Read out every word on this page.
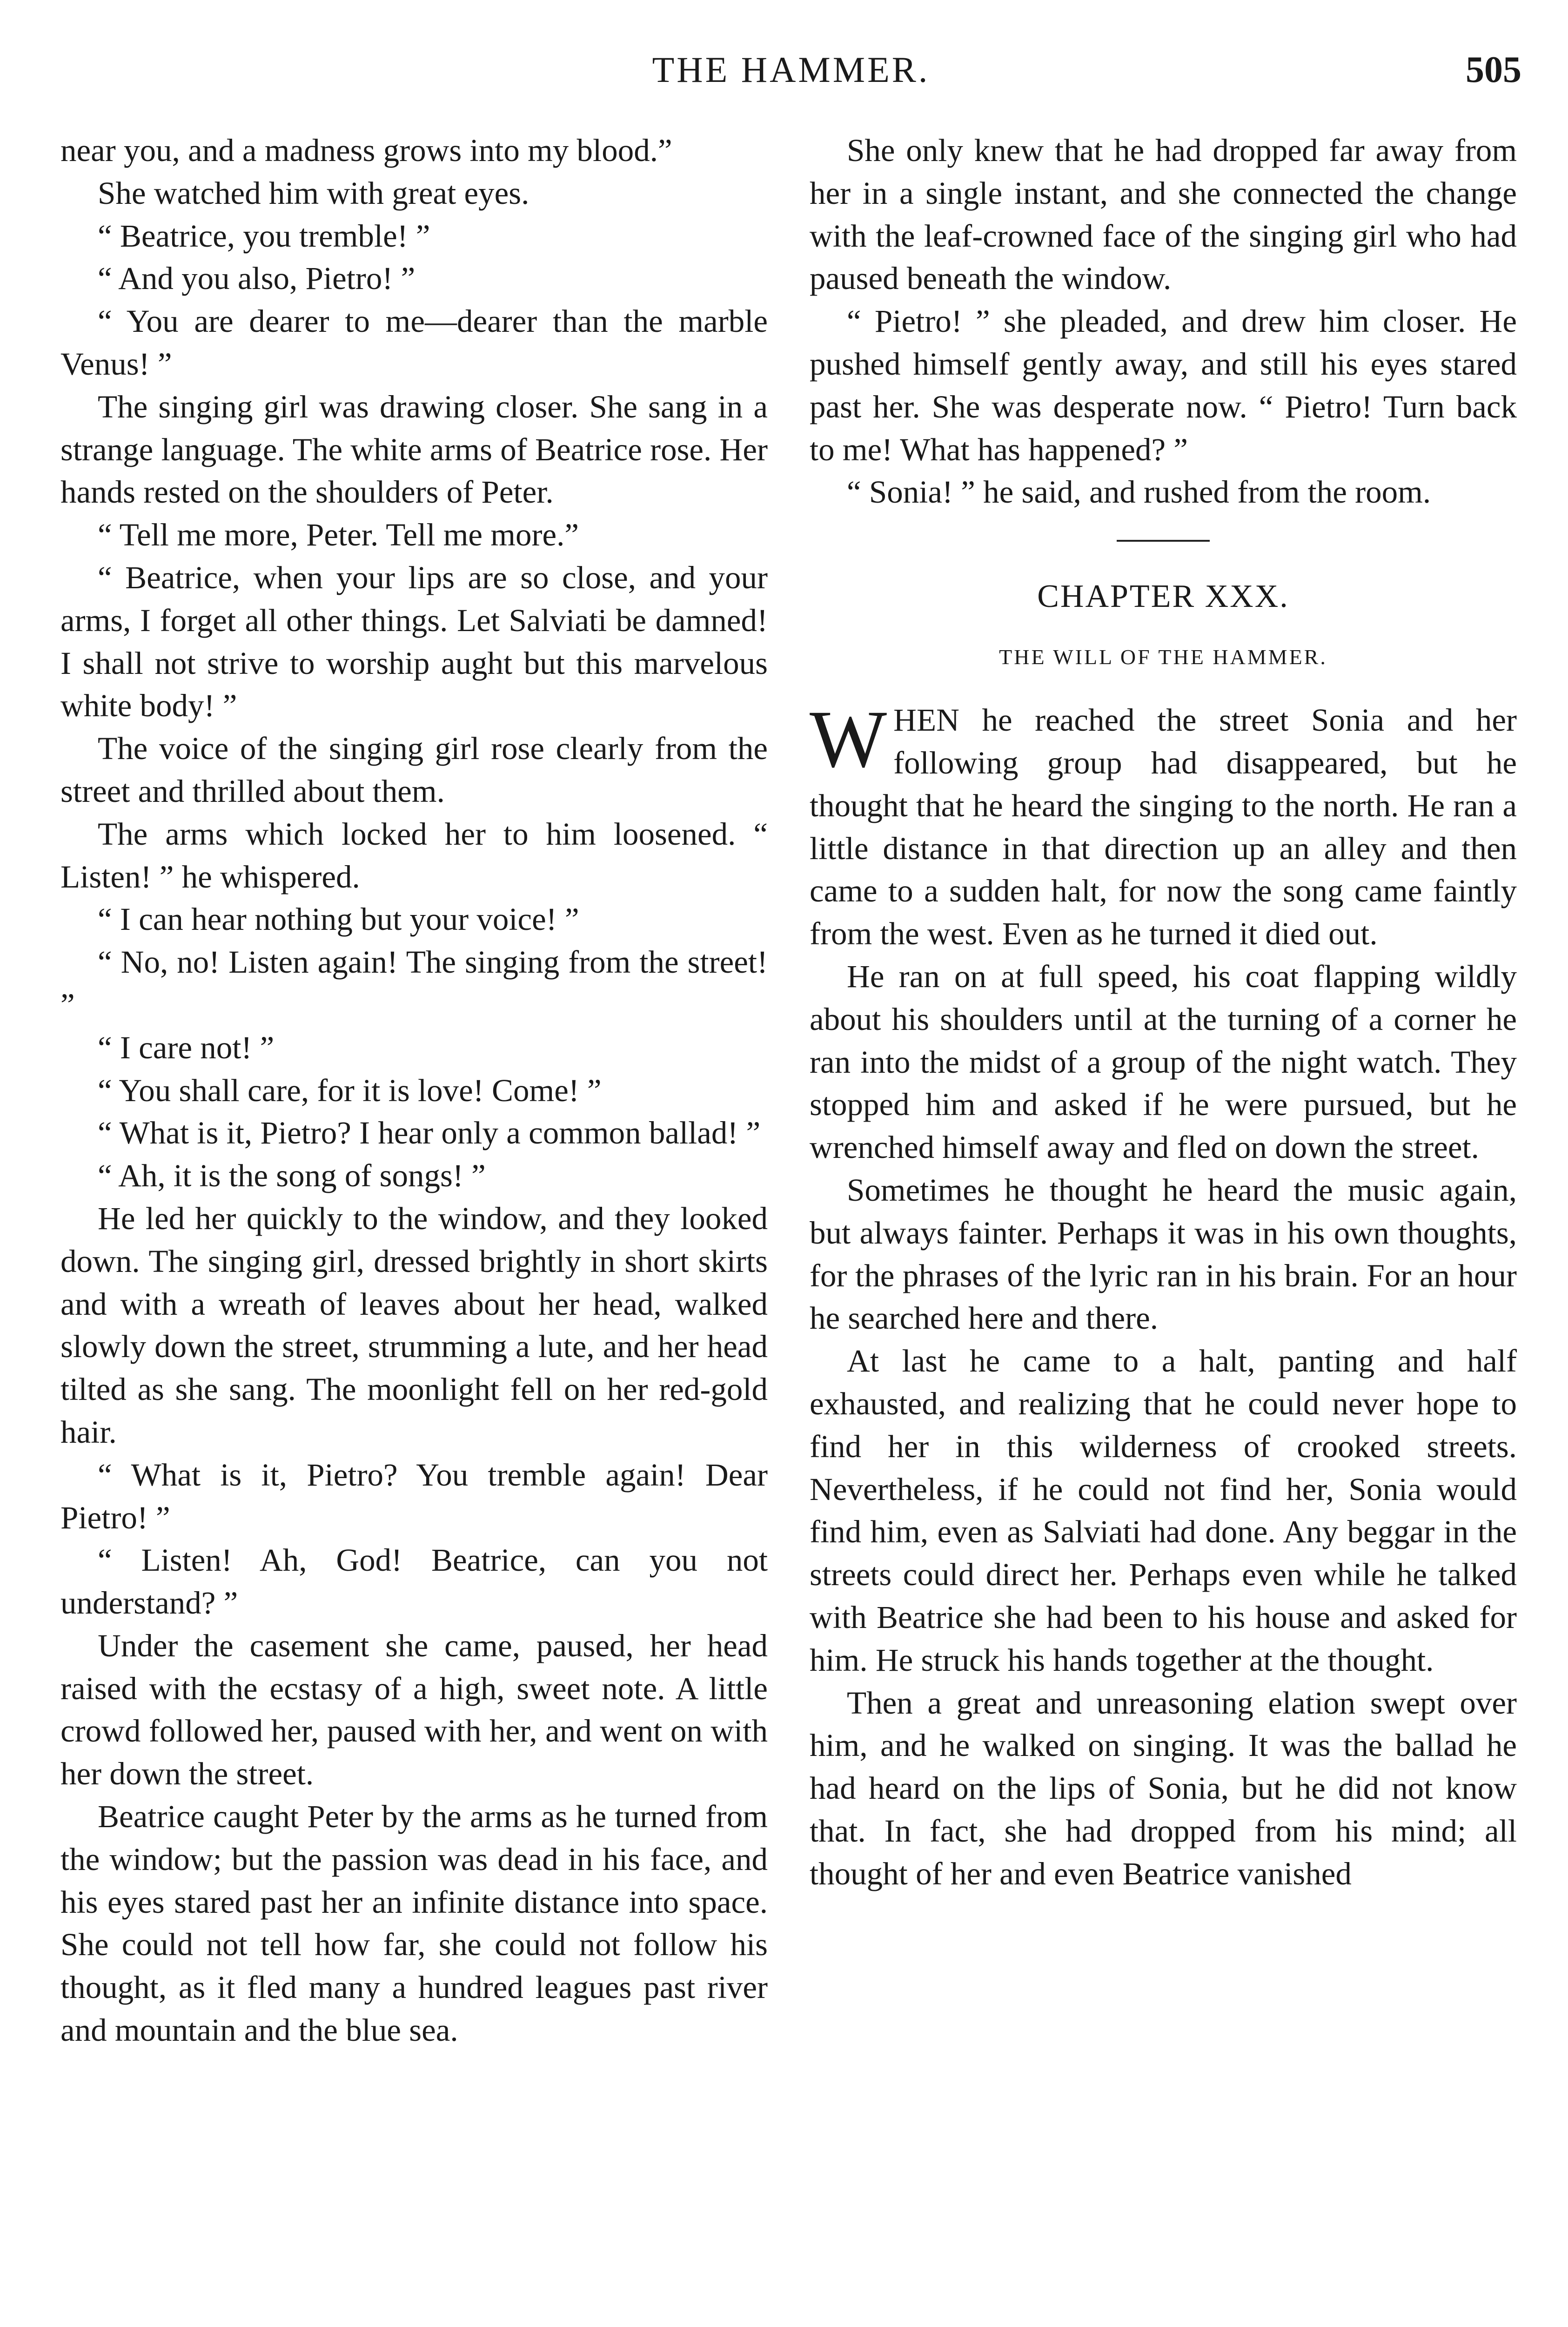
THE HAMMER.	505

near you, and a madness grows into my blood.”

She watched him with great eyes.

“ Beatrice, you tremble! ”

“ And you also, Pietro! ”

“ You are dearer to me—dearer than the marble Venus! ”

The singing girl was drawing closer. She sang in a strange language. The white arms of Beatrice rose. Her hands rested on the shoulders of Peter.

“ Tell me more, Peter. Tell me more.”

“ Beatrice, when your lips are so close, and your arms, I forget all other things. Let Salviati be damned! I shall not strive to worship aught but this marvelous white body! ”

The voice of the singing girl rose clearly from the street and thrilled about them.

The arms which locked her to him loosened. “ Listen! ” he whispered.

“ I can hear nothing but your voice! ”

“ No, no! Listen again! The singing from the street! ”

“ I care not! ”

“ You shall care, for it is love! Come! ”

“ What is it, Pietro? I hear only a common ballad! ”

“ Ah, it is the song of songs! ”

He led her quickly to the window, and they looked down. The singing girl, dressed brightly in short skirts and with a wreath of leaves about her head, walked slowly down the street, strumming a lute, and her head tilted as she sang. The moonlight fell on her red-gold hair.

“ What is it, Pietro? You tremble again! Dear Pietro! ”

“ Listen! Ah, God! Beatrice, can you not understand? ”

Under the casement she came, paused, her head raised with the ecstasy of a high, sweet note. A little crowd followed her, paused with her, and went on with her down the street.

Beatrice caught Peter by the arms as he turned from the window; but the passion was dead in his face, and his eyes stared past her an infinite distance into space. She could not tell how far, she could not follow his thought, as it fled many a hundred leagues past river and mountain and the blue sea.

She only knew that he had dropped far away from her in a single instant, and she connected the change with the leaf-crowned face of the singing girl who had paused beneath the window.

“ Pietro! ” she pleaded, and drew him closer. He pushed himself gently away, and still his eyes stared past her. She was desperate now. “ Pietro! Turn back to me! What has happened? ”

“ Sonia! ” he said, and rushed from the room.

CHAPTER XXX.
THE WILL OF THE HAMMER.

WHEN he reached the street Sonia and her following group had disappeared, but he thought that he heard the singing to the north. He ran a little distance in that direction up an alley and then came to a sudden halt, for now the song came faintly from the west. Even as he turned it died out.

He ran on at full speed, his coat flapping wildly about his shoulders until at the turning of a corner he ran into the midst of a group of the night watch. They stopped him and asked if he were pursued, but he wrenched himself away and fled on down the street.

Sometimes he thought he heard the music again, but always fainter. Perhaps it was in his own thoughts, for the phrases of the lyric ran in his brain. For an hour he searched here and there.

At last he came to a halt, panting and half exhausted, and realizing that he could never hope to find her in this wilderness of crooked streets. Nevertheless, if he could not find her, Sonia would find him, even as Salviati had done. Any beggar in the streets could direct her. Perhaps even while he talked with Beatrice she had been to his house and asked for him. He struck his hands together at the thought.

Then a great and unreasoning elation swept over him, and he walked on singing. It was the ballad he had heard on the lips of Sonia, but he did not know that. In fact, she had dropped from his mind; all thought of her and even Beatrice vanished
